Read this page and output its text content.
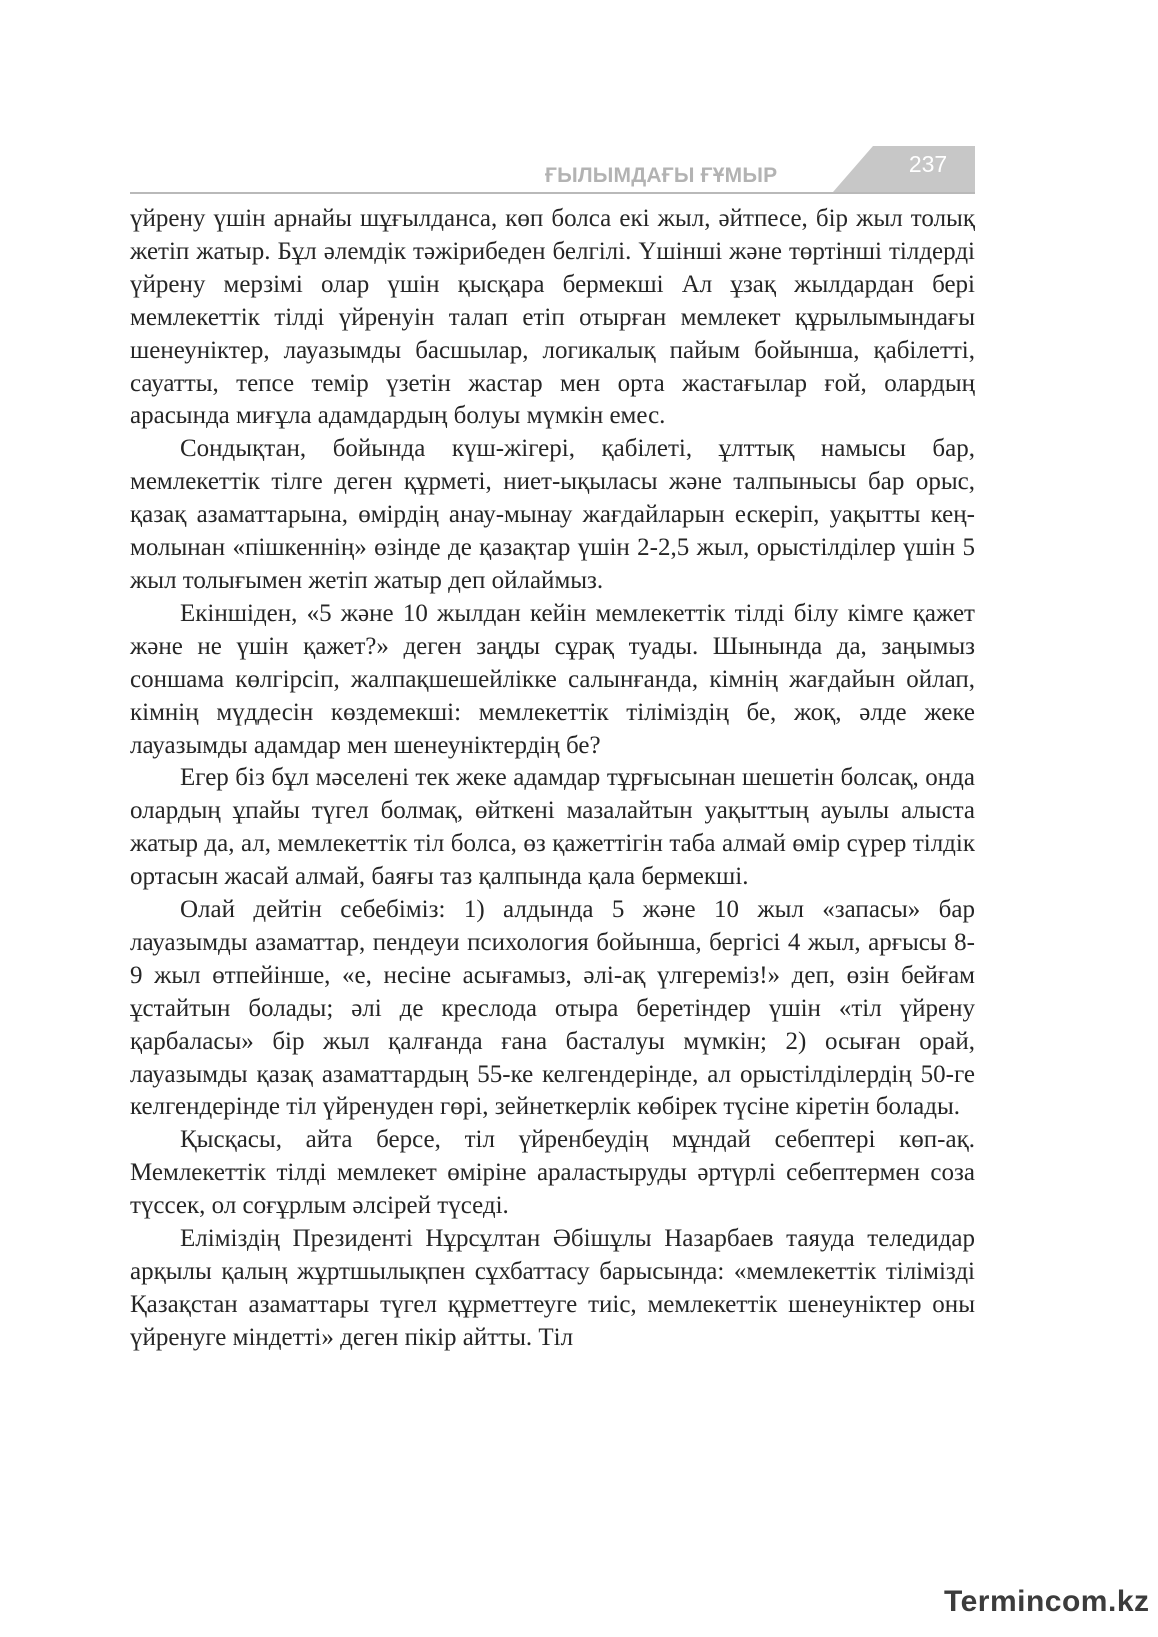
ҒЫЛЫМДАҒЫ ҒҰМЫР	237

үйрену үшін арнайы шұғылданса, көп болса екі жыл, әйтпесе, бір жыл толық жетіп жатыр. Бұл әлемдік тәжірибеден белгілі. Үшінші және төртінші тілдерді үйрену мерзімі олар үшін қысқара бермекші Ал ұзақ жылдардан бері мемлекеттік тілді үйренуін талап етіп отырған мемлекет құрылымындағы шенеуніктер, лауазымды басшылар, логикалық пайым бойынша, қабілетті, сауатты, тепсе темір үзетін жастар мен орта жастағылар ғой, олардың арасында миғұла адамдардың болуы мүмкін емес.

Сондықтан, бойында күш-жігері, қабілеті, ұлттық намысы бар, мемлекеттік тілге деген құрметі, ниет-ықыласы және талпынысы бар орыс, қазақ азаматтарына, өмірдің анау-мынау жағдайларын ескеріп, уақытты кең-молынан «пішкеннің» өзінде де қазақтар үшін 2-2,5 жыл, орыстілділер үшін 5 жыл толығымен жетіп жатыр деп ойлаймыз.

Екіншіден, «5 және 10 жылдан кейін мемлекеттік тілді білу кімге қажет және не үшін қажет?» деген заңды сұрақ туады. Шынында да, заңымыз соншама көлгірсіп, жалпақшешейлікке салынғанда, кімнің жағдайын ойлап, кімнің мүддесін көздемекші: мемлекеттік тіліміздің бе, жоқ, әлде жеке лауазымды адамдар мен шенеуніктердің бе?

Егер біз бұл мәселені тек жеке адамдар тұрғысынан шешетін болсақ, онда олардың ұпайы түгел болмақ, өйткені мазалайтын уақыттың ауылы алыста жатыр да, ал, мемлекеттік тіл болса, өз қажеттігін таба алмай өмір сүрер тілдік ортасын жасай алмай, баяғы таз қалпында қала бермекші.

Олай дейтін себебіміз: 1) алдында 5 және 10 жыл «запасы» бар лауазымды азаматтар, пендеуи психология бойынша, бергісі 4 жыл, арғысы 8-9 жыл өтпейінше, «е, несіне асығамыз, әлі-ақ үлгереміз!» деп, өзін бейғам ұстайтын болады; әлі де креслода отыра беретіндер үшін «тіл үйрену қарбаласы» бір жыл қалғанда ғана басталуы мүмкін; 2) осыған орай, лауазымды қазақ азаматтардың 55-ке келгендерінде, ал орыстілділердің 50-ге келгендерінде тіл үйренуден гөрі, зейнеткерлік көбірек түсіне кіретін болады.

Қысқасы, айта берсе, тіл үйренбеудің мұндай себептері көп-ақ. Мемлекеттік тілді мемлекет өміріне араластыруды әртүрлі себептермен соза түссек, ол соғұрлым әлсірей түседі.

Еліміздің Президенті Нұрсұлтан Әбішұлы Назарбаев таяуда теледидар арқылы қалың жұртшылықпен сұхбаттасу барысында: «мемлекеттік тілімізді Қазақстан азаматтары түгел құрметтеуге тиіс, мемлекеттік шенеуніктер оны үйренуге міндетті» деген пікір айтты. Тіл

Termincom.kz
